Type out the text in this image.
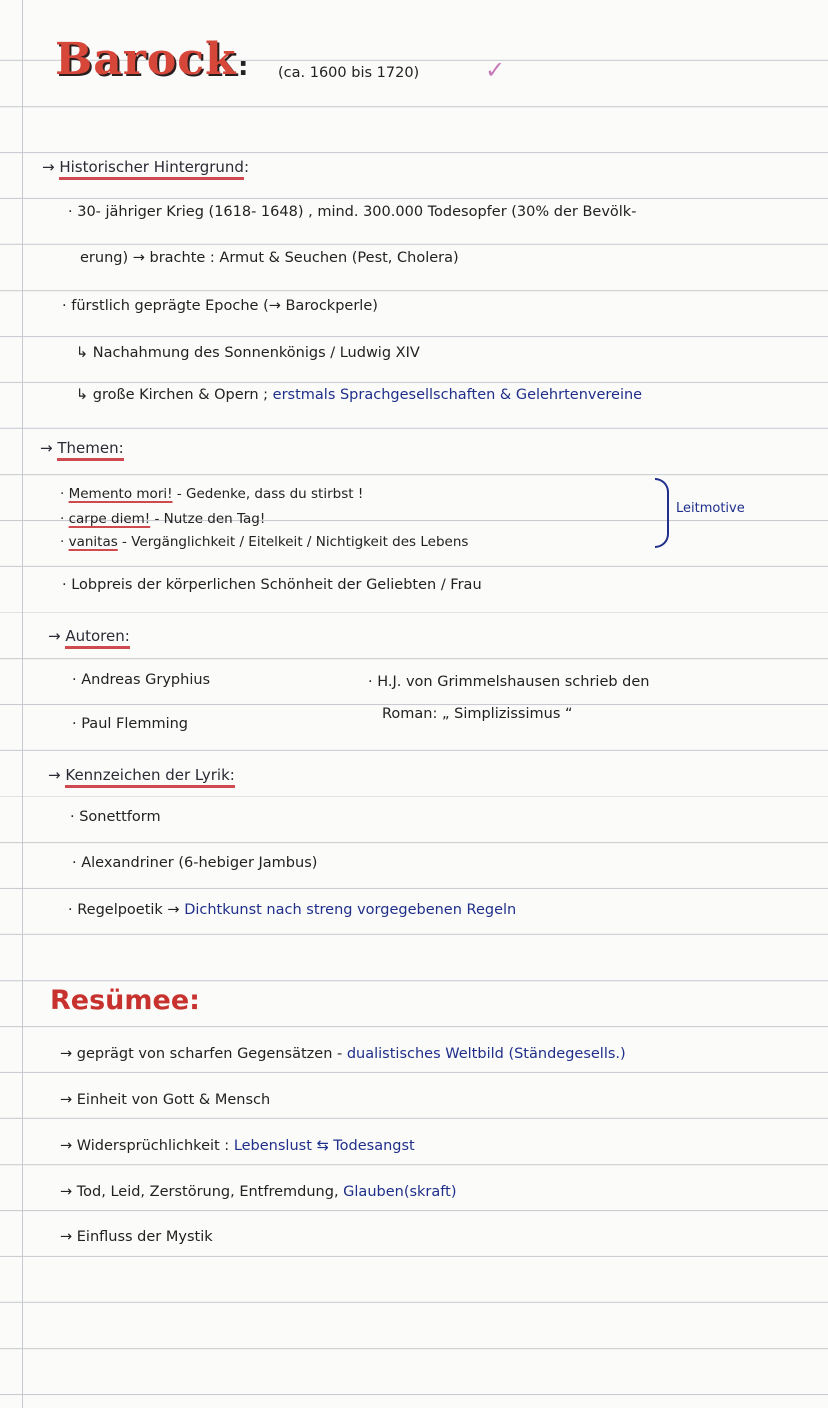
Barock : (ca. 1600 bis 1720)	✓
→ Historischer Hintergrund:
· 30- jähriger Krieg (1618- 1648) , mind. 300.000 Todesopfer (30% der Bevölk-
erung) → brachte : Armut & Seuchen (Pest, Cholera)
· fürstlich geprägte Epoche (→ Barockperle)
↳ Nachahmung des Sonnenkönigs / Ludwig XIV
↳ große Kirchen & Opern ; erstmals Sprachgesellschaften & Gelehrtenvereine
→ Themen:
· Memento mori! - Gedenke, dass du stirbst !
· carpe diem! - Nutze den Tag!
· vanitas - Vergänglichkeit / Eitelkeit / Nichtigkeit des Lebens
Leitmotive
· Lobpreis der körperlichen Schönheit der Geliebten / Frau
→ Autoren:
· Andreas Gryphius
· Paul Flemming
· H.J. von Grimmelshausen schrieb den
Roman: „ Simplizissimus “
→ Kennzeichen der Lyrik:
· Sonettform
· Alexandriner (6-hebiger Jambus)
· Regelpoetik → Dichtkunst nach streng vorgegebenen Regeln
Resümee:
→ geprägt von scharfen Gegensätzen - dualistisches Weltbild (Ständegesells.)
→ Einheit von Gott & Mensch
→ Widersprüchlichkeit : Lebenslust ⇆ Todesangst
→ Tod, Leid, Zerstörung, Entfremdung, Glauben(skraft)
→ Einfluss der Mystik
